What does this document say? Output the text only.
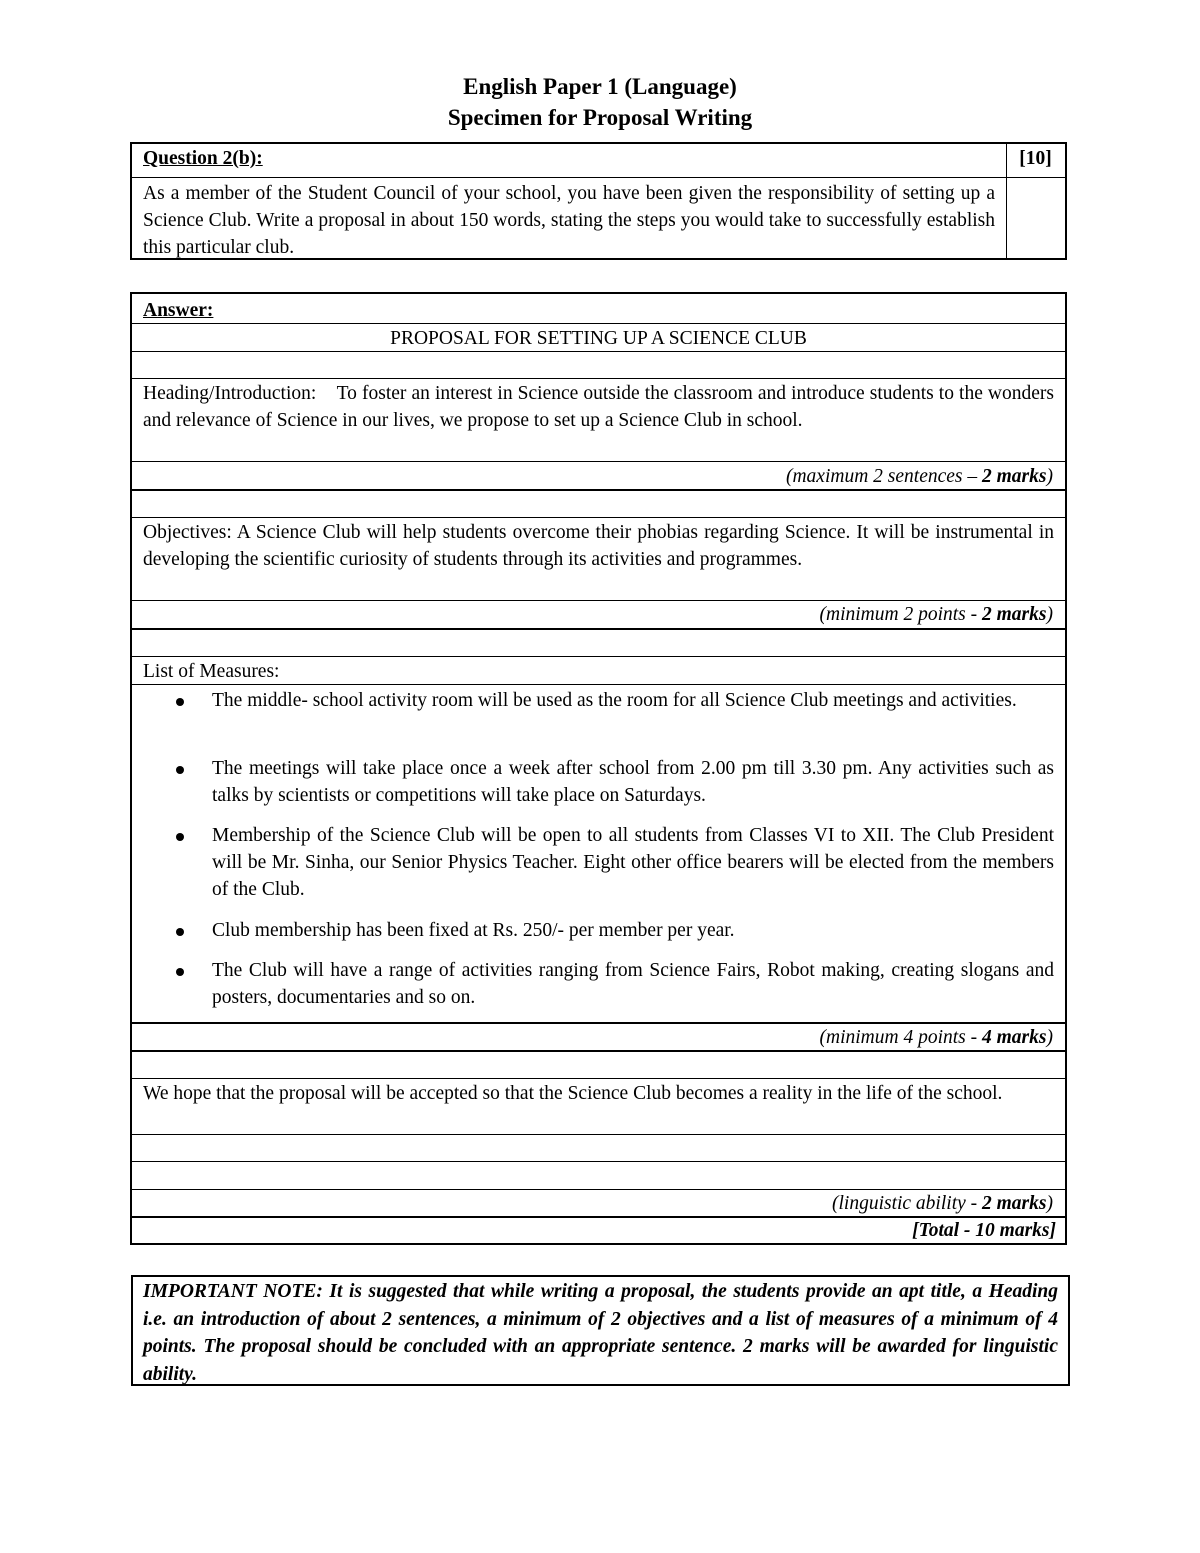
English Paper 1 (Language)
Specimen for Proposal Writing
Question 2(b):	[10]
As a member of the Student Council of your school, you have been given the responsibility of setting up a Science Club. Write a proposal in about 150 words, stating the steps you would take to successfully establish this particular club.
Answer:
PROPOSAL FOR SETTING UP A SCIENCE CLUB
Heading/Introduction: To foster an interest in Science outside the classroom and introduce students to the wonders and relevance of Science in our lives, we propose to set up a Science Club in school.
(maximum 2 sentences – 2 marks)
Objectives: A Science Club will help students overcome their phobias regarding Science. It will be instrumental in developing the scientific curiosity of students through its activities and programmes.
(minimum 2 points - 2 marks)
List of Measures:
The middle- school activity room will be used as the room for all Science Club meetings and activities.
The meetings will take place once a week after school from 2.00 pm till 3.30 pm. Any activities such as talks by scientists or competitions will take place on Saturdays.
Membership of the Science Club will be open to all students from Classes VI to XII. The Club President will be Mr. Sinha, our Senior Physics Teacher. Eight other office bearers will be elected from the members of the Club.
Club membership has been fixed at Rs. 250/- per member per year.
The Club will have a range of activities ranging from Science Fairs, Robot making, creating slogans and posters, documentaries and so on.
(minimum 4 points - 4 marks)
We hope that the proposal will be accepted so that the Science Club becomes a reality in the life of the school.
(linguistic ability - 2 marks)
[Total - 10 marks]
IMPORTANT NOTE: It is suggested that while writing a proposal, the students provide an apt title, a Heading i.e. an introduction of about 2 sentences, a minimum of 2 objectives and a list of measures of a minimum of 4 points. The proposal should be concluded with an appropriate sentence. 2 marks will be awarded for linguistic ability.
